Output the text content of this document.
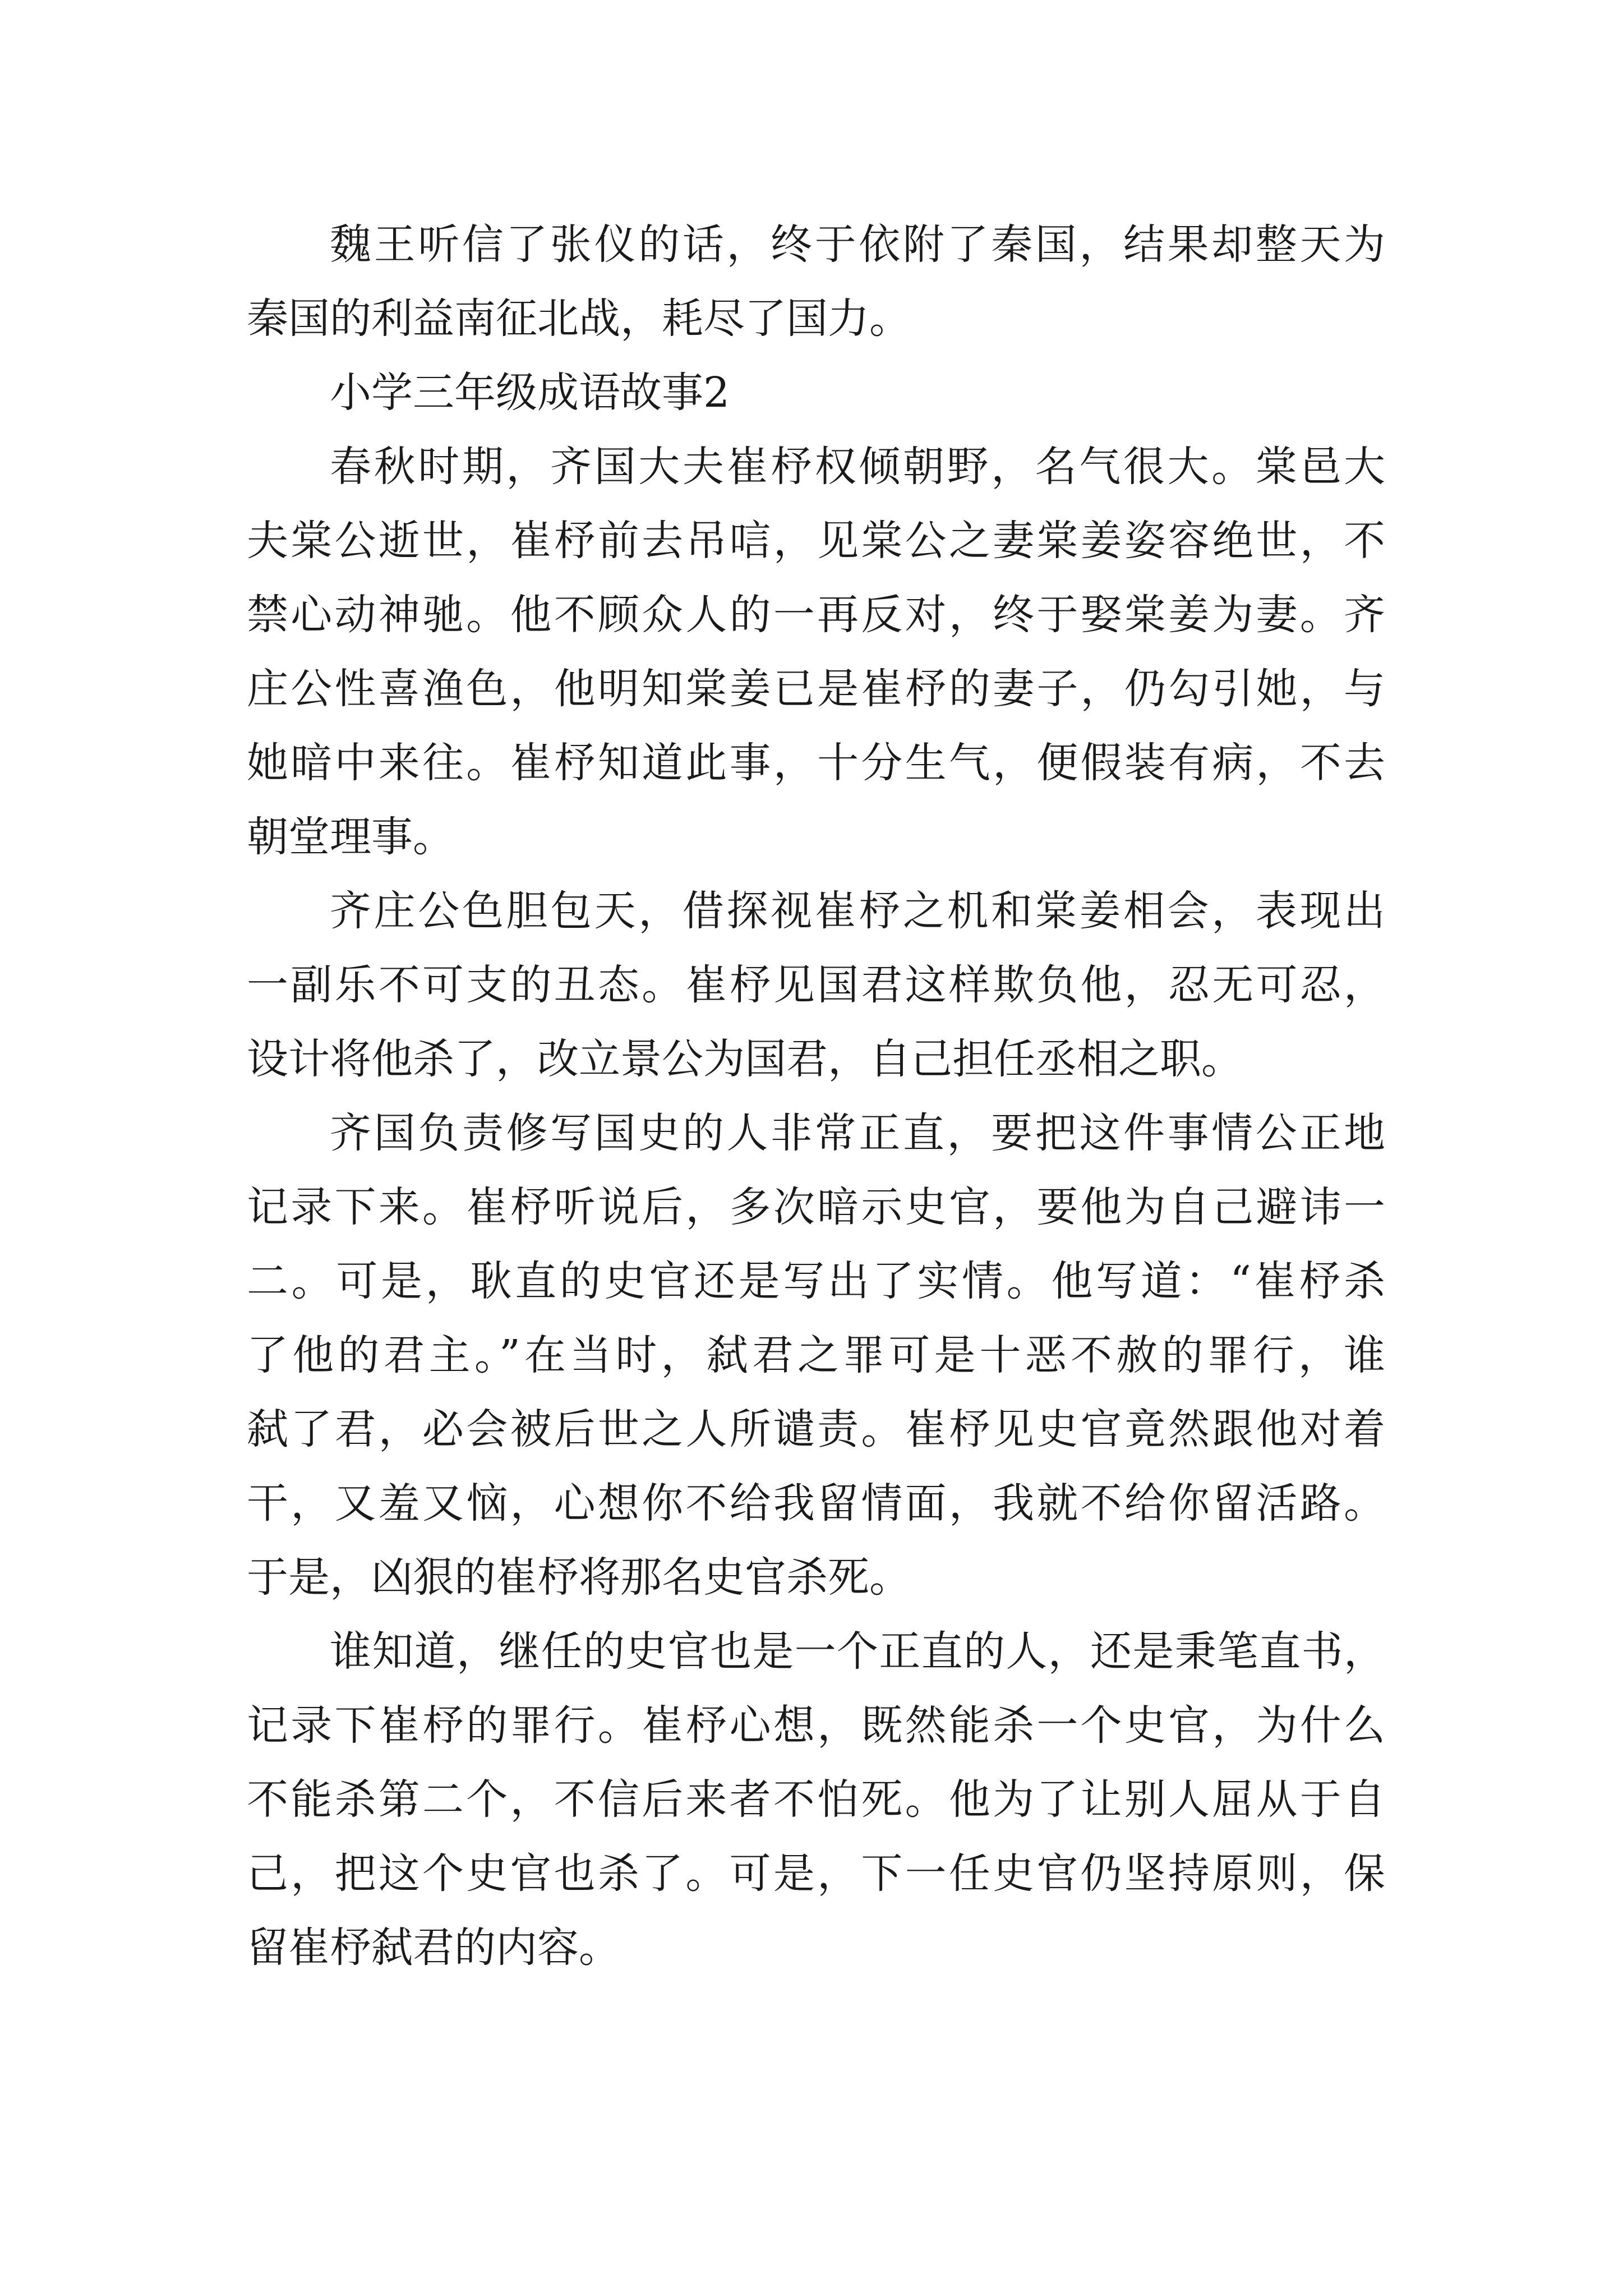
魏王听信了张仪的话，终于依附了秦国，结果却整天为
秦国的利益南征北战，耗尽了国力。
小学三年级成语故事2
春秋时期，齐国大夫崔杼权倾朝野，名气很大。棠邑大
夫棠公逝世，崔杼前去吊唁，见棠公之妻棠姜姿容绝世，不
禁心动神驰。他不顾众人的一再反对，终于娶棠姜为妻。齐
庄公性喜渔色，他明知棠姜已是崔杼的妻子，仍勾引她，与
她暗中来往。崔杼知道此事，十分生气，便假装有病，不去
朝堂理事。
齐庄公色胆包天，借探视崔杼之机和棠姜相会，表现出
一副乐不可支的丑态。崔杼见国君这样欺负他，忍无可忍，
设计将他杀了，改立景公为国君，自己担任丞相之职。
齐国负责修写国史的人非常正直，要把这件事情公正地
记录下来。崔杼听说后，多次暗示史官，要他为自己避讳一
二。可是，耿直的史官还是写出了实情。他写道：“崔杼杀
了他的君主。”在当时，弑君之罪可是十恶不赦的罪行，谁
弑了君，必会被后世之人所谴责。崔杼见史官竟然跟他对着
干，又羞又恼，心想你不给我留情面，我就不给你留活路。
于是，凶狠的崔杼将那名史官杀死。
谁知道，继任的史官也是一个正直的人，还是秉笔直书，
记录下崔杼的罪行。崔杼心想，既然能杀一个史官，为什么
不能杀第二个，不信后来者不怕死。他为了让别人屈从于自
己，把这个史官也杀了。可是，下一任史官仍坚持原则，保
留崔杼弑君的内容。
